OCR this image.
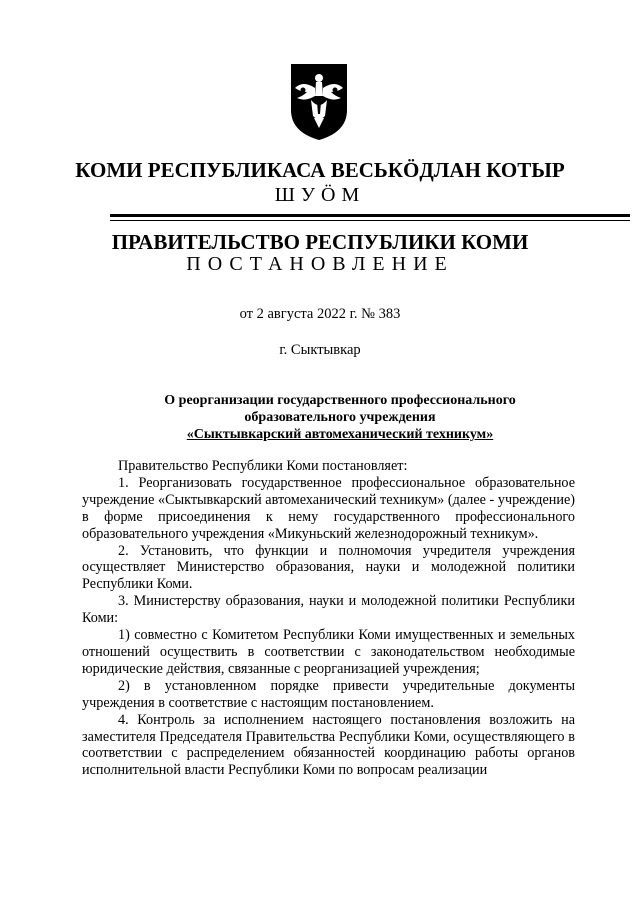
КОМИ РЕСПУБЛИКАСА ВЕСЬКӦДЛАН КОТЫР
ШУӦМ
ПРАВИТЕЛЬСТВО РЕСПУБЛИКИ КОМИ
ПОСТАНОВЛЕНИЕ
от 2 августа 2022 г. № 383
г. Сыктывкар
О реорганизации государственного профессионального
образовательного учреждения
«Сыктывкарский автомеханический техникум»

Правительство Республики Коми постановляет:

1. Реорганизовать государственное профессиональное образовательное учреждение «Сыктывкарский автомеханический техникум» (далее - учреждение) в форме присоединения к нему государственного профессионального образовательного учреждения «Микуньский железнодорожный техникум».

2. Установить, что функции и полномочия учредителя учреждения осуществляет Министерство образования, науки и молодежной политики Республики Коми.

3. Министерству образования, науки и молодежной политики Республики Коми:

1) совместно с Комитетом Республики Коми имущественных и земельных отношений осуществить в соответствии с законодательством необходимые юридические действия, связанные с реорганизацией учреждения;

2) в установленном порядке привести учредительные документы учреждения в соответствие с настоящим постановлением.

4. Контроль за исполнением настоящего постановления возложить на заместителя Председателя Правительства Республики Коми, осуществляющего в соответствии с распределением обязанностей координацию работы органов исполнительной власти Республики Коми по вопросам реализации
